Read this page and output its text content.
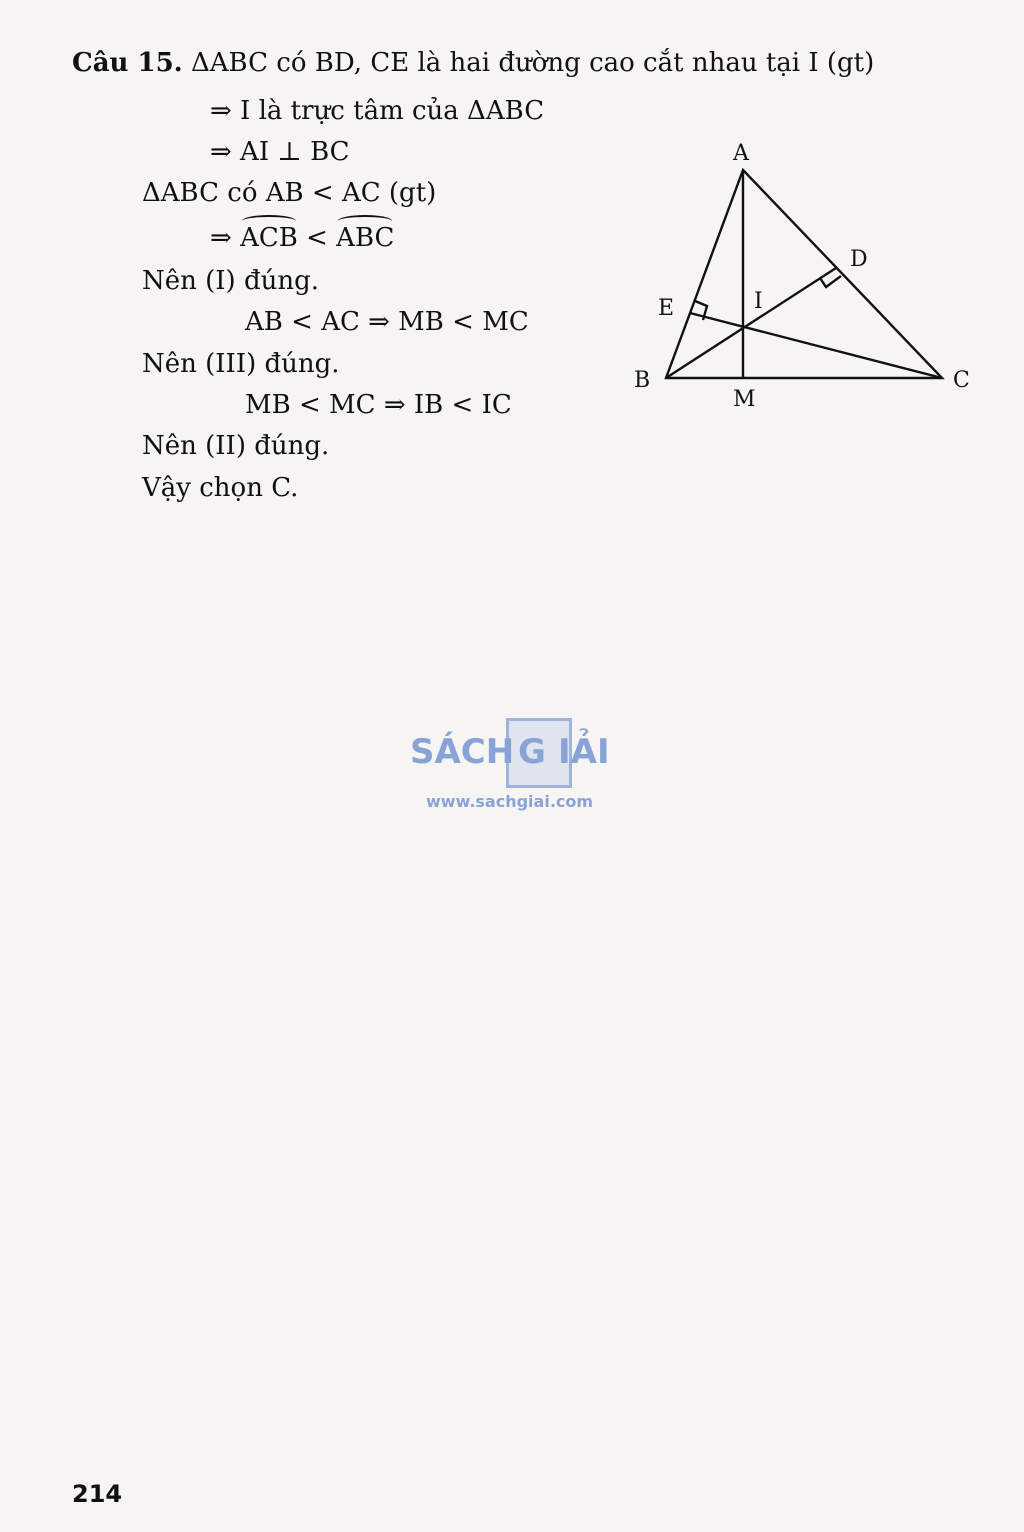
Câu 15. ΔABC có BD, CE là hai đường cao cắt nhau tại I (gt)
⇒ I là trực tâm của ΔABC
⇒ AI ⊥ BC
ΔABC có AB < AC (gt)
⇒ ACB < ABC
Nên (I) đúng.
AB < AC ⇒ MB < MC
Nên (III) đúng.
MB < MC ⇒ IB < IC
Nên (II) đúng.
Vậy chọn C.
A
B	C
D
E	I
M
SÁCH G IẢI
www.sachgiai.com
214
